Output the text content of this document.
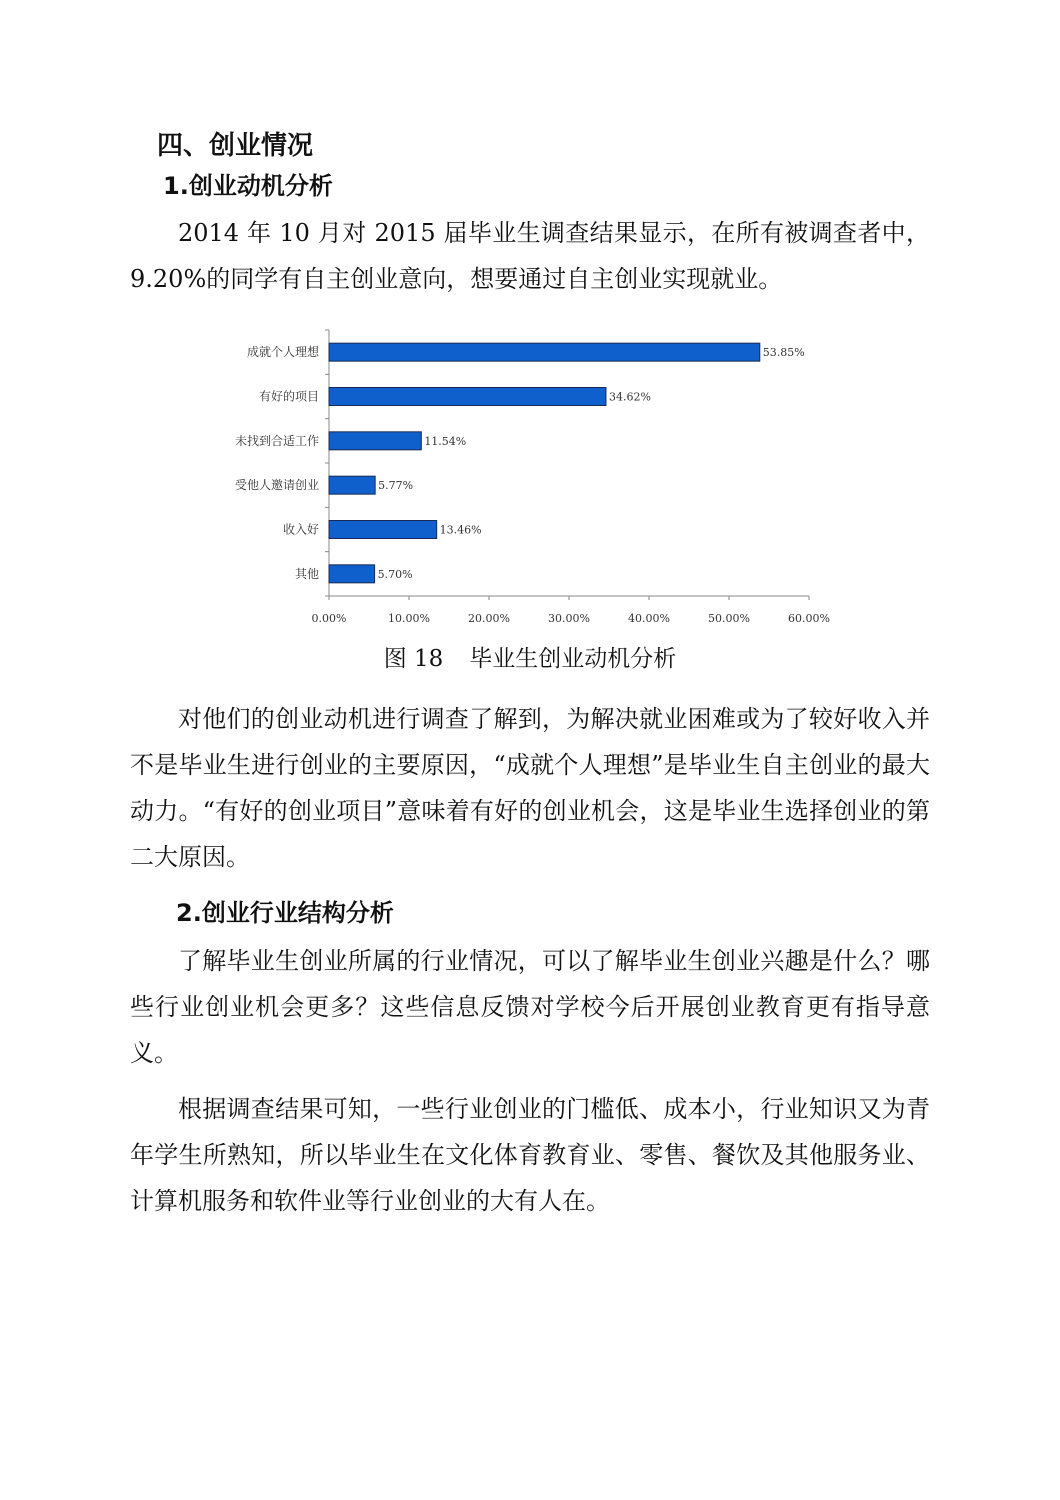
四、创业情况
1.创业动机分析

2014 年 10 月对 2015 届毕业生调查结果显示，在所有被调查者中，9.20%的同学有自主创业意向，想要通过自主创业实现就业。

0.00%	10.00%	20.00%	30.00%	40.00%	50.00%	60.00%
成就个人理想	53.85%
有好的项目	34.62%
未找到合适工作	11.54%
受他人邀请创业	5.77%
收入好	13.46%
其他	5.70%

图 18 毕业生创业动机分析

对他们的创业动机进行调查了解到，为解决就业困难或为了较好收入并不是毕业生进行创业的主要原因，“成就个人理想”是毕业生自主创业的最大动力。“有好的创业项目”意味着有好的创业机会，这是毕业生选择创业的第二大原因。

2.创业行业结构分析

了解毕业生创业所属的行业情况，可以了解毕业生创业兴趣是什么？哪些行业创业机会更多？这些信息反馈对学校今后开展创业教育更有指导意义。

根据调查结果可知，一些行业创业的门槛低、成本小，行业知识又为青年学生所熟知，所以毕业生在文化体育教育业、零售、餐饮及其他服务业、 计算机服务和软件业等行业创业的大有人在。
